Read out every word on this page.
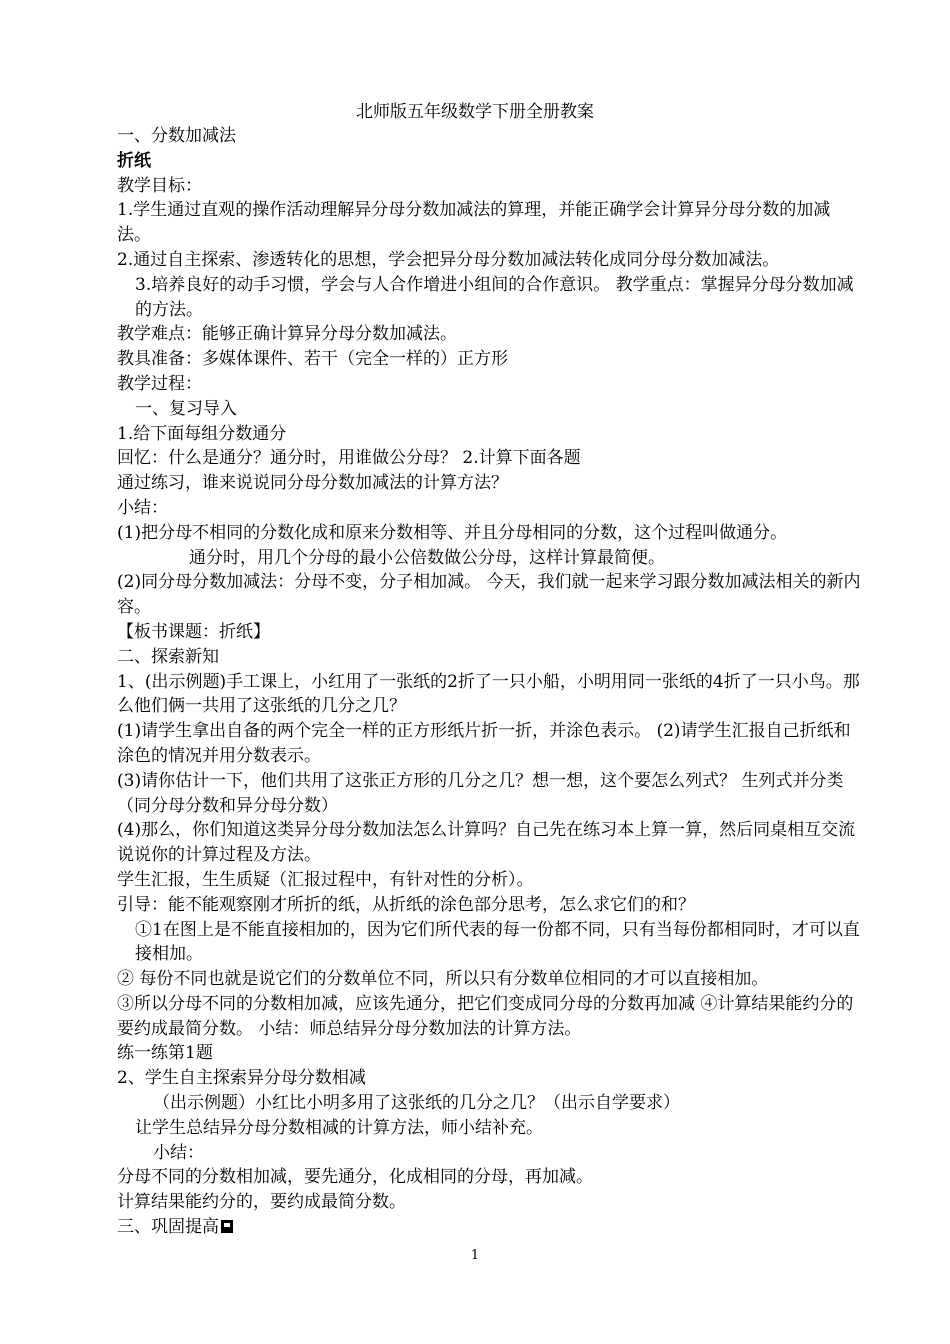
北师版五年级数学下册全册教案

一、分数加减法

折纸

教学目标：

1.学生通过直观的操作活动理解异分母分数加减法的算理，并能正确学会计算异分母分数的加减法。

2.通过自主探索、渗透转化的思想，学会把异分母分数加减法转化成同分母分数加减法。

3.培养良好的动手习惯，学会与人合作增进小组间的合作意识。 教学重点：掌握异分母分数加减的方法。

教学难点：能够正确计算异分母分数加减法。

教具准备：多媒体课件、若干（完全一样的）正方形

教学过程：

一、复习导入

1.给下面每组分数通分

回忆：什么是通分？通分时，用谁做公分母？ 2.计算下面各题

通过练习，谁来说说同分母分数加减法的计算方法？

小结：

(1)把分母不相同的分数化成和原来分数相等、并且分母相同的分数，这个过程叫做通分。

通分时，用几个分母的最小公倍数做公分母，这样计算最简便。

(2)同分母分数加减法：分母不变，分子相加减。 今天，我们就一起来学习跟分数加减法相关的新内容。

【板书课题：折纸】

二、探索新知

1、(出示例题)手工课上，小红用了一张纸的2折了一只小船，小明用同一张纸的4折了一只小鸟。那么他们俩一共用了这张纸的几分之几？

(1)请学生拿出自备的两个完全一样的正方形纸片折一折，并涂色表示。 (2)请学生汇报自己折纸和涂色的情况并用分数表示。

(3)请你估计一下，他们共用了这张正方形的几分之几？想一想，这个要怎么列式？ 生列式并分类（同分母分数和异分母分数）

(4)那么，你们知道这类异分母分数加法怎么计算吗？自己先在练习本上算一算，然后同桌相互交流说说你的计算过程及方法。

学生汇报，生生质疑（汇报过程中，有针对性的分析）。

引导：能不能观察刚才所折的纸，从折纸的涂色部分思考，怎么求它们的和？

①1在图上是不能直接相加的，因为它们所代表的每一份都不同，只有当每份都相同时，才可以直接相加。

② 每份不同也就是说它们的分数单位不同，所以只有分数单位相同的才可以直接相加。

③所以分母不同的分数相加减，应该先通分，把它们变成同分母的分数再加减 ④计算结果能约分的要约成最简分数。 小结：师总结异分母分数加法的计算方法。

练一练第1题

2、学生自主探索异分母分数相减

（出示例题）小红比小明多用了这张纸的几分之几？（出示自学要求）

让学生总结异分母分数相减的计算方法，师小结补充。

小结：

分母不同的分数相加减，要先通分，化成相同的分母，再加减。

计算结果能约分的，要约成最简分数。

三、巩固提高

1
